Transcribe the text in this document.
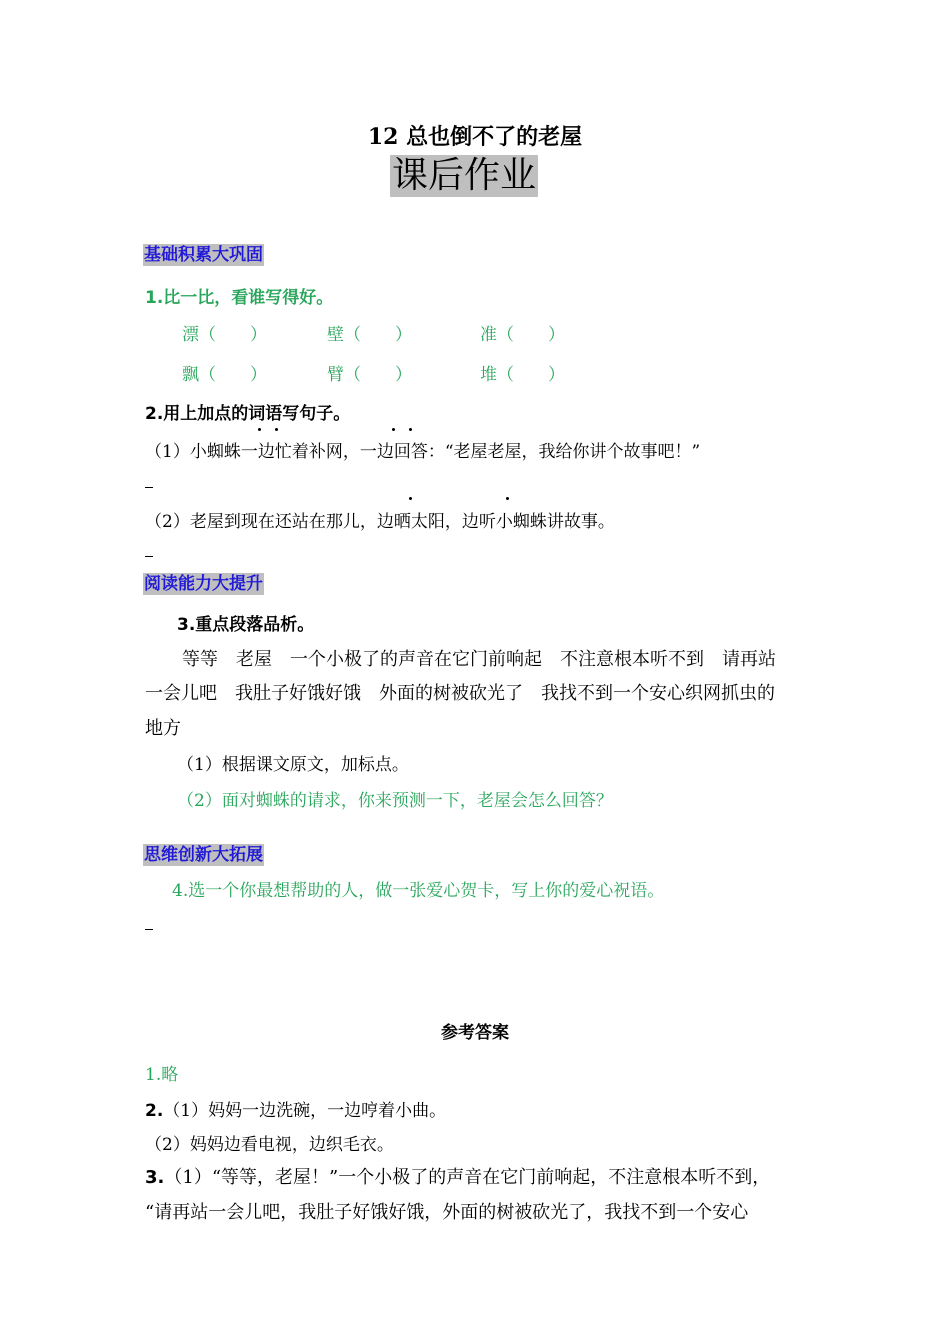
12 总也倒不了的老屋
课后作业
基础积累大巩固
1.比一比，看谁写得好。
漂（　　）	壁（　　）	准（　　）
飘（　　）	臂（　　）	堆（　　）
2.用上加点的词语写句子。
（1）小蜘蛛一边忙着补网，一边回答：“老屋老屋，我给你讲个故事吧！”
（2）老屋到现在还站在那儿，边晒太阳，边听小蜘蛛讲故事。
阅读能力大提升
3.重点段落品析。
等等　老屋　一个小极了的声音在它门前响起　不注意根本听不到　请再站
一会儿吧　我肚子好饿好饿　外面的树被砍光了　我找不到一个安心织网抓虫的
地方
（1）根据课文原文，加标点。
（2）面对蜘蛛的请求，你来预测一下，老屋会怎么回答？
思维创新大拓展
4.选一个你最想帮助的人，做一张爱心贺卡，写上你的爱心祝语。
参考答案
1.略
2.（1）妈妈一边洗碗，一边哼着小曲。
（2）妈妈边看电视，边织毛衣。
3.（1）“等等，老屋！”一个小极了的声音在它门前响起，不注意根本听不到，
“请再站一会儿吧，我肚子好饿好饿，外面的树被砍光了，我找不到一个安心
